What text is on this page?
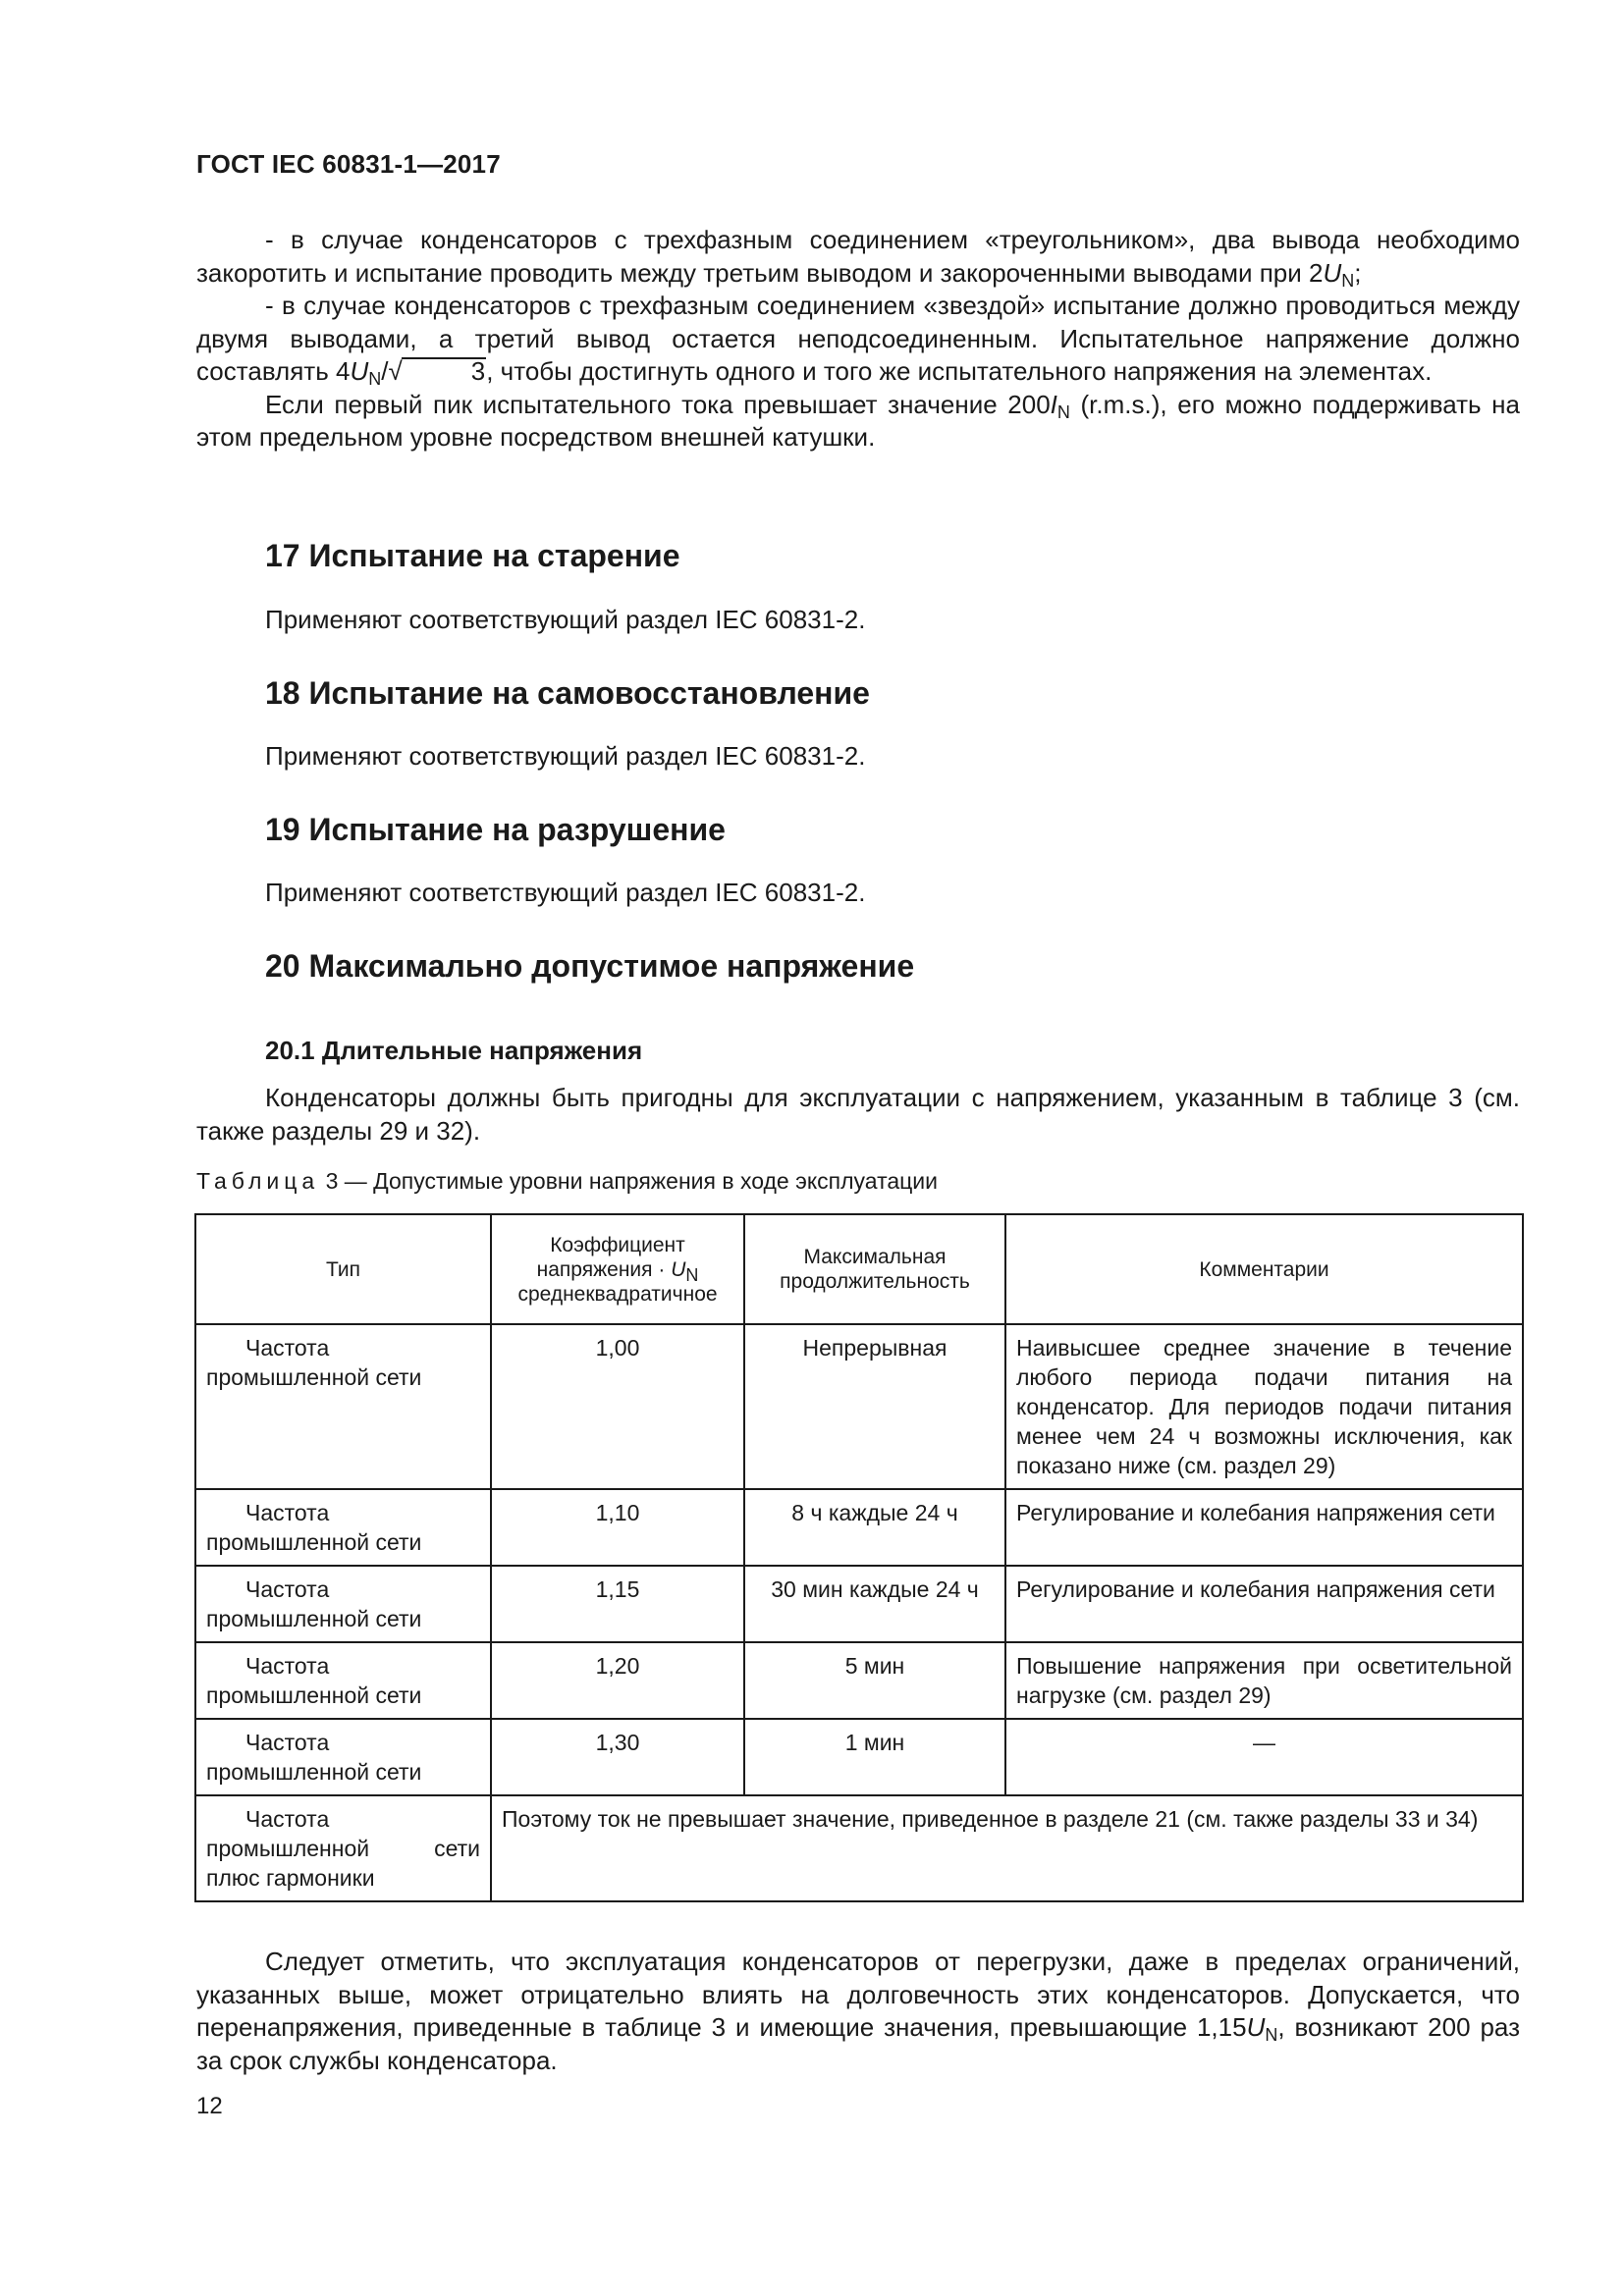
ГОСТ IEC 60831-1—2017

- в случае конденсаторов с трехфазным соединением «треугольником», два вывода необходимо закоротить и испытание проводить между третьим выводом и закороченными выводами при $2U_N$;

- в случае конденсаторов с трехфазным соединением «звездой» испытание должно проводиться между двумя выводами, а третий вывод остается неподсоединенным. Испытательное напряжение должно составлять $4U_N/√$	3, чтобы достигнуть одного и того же испытательного напряжения на элементах.

Если первый пик испытательного тока превышает значение $200I_N$ (r.m.s.), его можно поддерживать на этом предельном уровне посредством внешней катушки.

17 Испытание на старение
Применяют соответствующий раздел IEC 60831-2.
18 Испытание на самовосстановление
Применяют соответствующий раздел IEC 60831-2.
19 Испытание на разрушение
Применяют соответствующий раздел IEC 60831-2.
20 Максимально допустимое напряжение
20.1 Длительные напряжения

Конденсаторы должны быть пригодны для эксплуатации с напряжением, указанным в таблице 3 (см. также разделы 29 и 32).

Таблица 3 — Допустимые уровни напряжения в ходе эксплуатации
Тип	Коэффициент
напряжения · $U_N$
среднеквадратичное	Максимальная продолжительность	Комментарии
Частота промышленной сети	1,00	Непрерывная	Наивысшее среднее значение в течение любого периода подачи питания на конденсатор. Для периодов подачи питания менее чем 24 ч возможны исключения, как показано ниже (см. раздел 29)
Частота промышленной сети	1,10	8 ч каждые 24 ч	Регулирование и колебания напряжения сети
Частота промышленной сети	1,15	30 мин каждые 24 ч	Регулирование и колебания напряжения сети
Частота промышленной сети	1,20	5 мин	Повышение напряжения при осветительной нагрузке (см. раздел 29)
Частота промышленной сети	1,30	1 мин	—
Частота промышленной сети плюс гармоники	Поэтому ток не превышает значение, приведенное в разделе 21 (см. также разделы 33 и 34)		

Следует отметить, что эксплуатация конденсаторов от перегрузки, даже в пределах ограничений, указанных выше, может отрицательно влиять на долговечность этих конденсаторов. Допускается, что перенапряжения, приведенные в таблице 3 и имеющие значения, превышающие $1,15U_N$, возникают 200 раз за срок службы конденсатора.

12
